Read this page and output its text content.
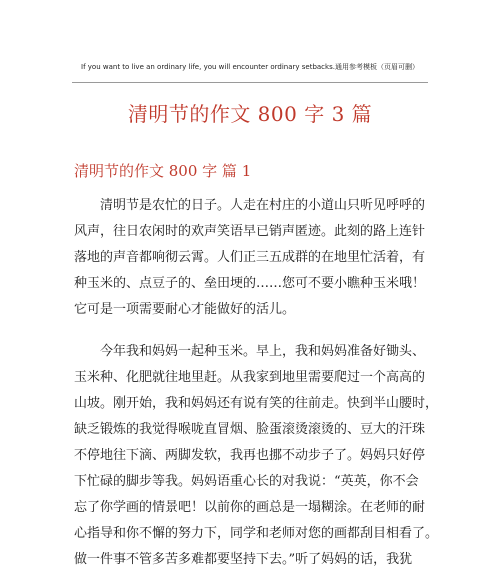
If you want to live an ordinary life, you will encounter ordinary setbacks.通用参考模板（页眉可删）
清明节的作文 800 字 3 篇
清明节的作文 800 字 篇 1
　　清明节是农忙的日子。人走在村庄的小道山只听见呼呼的
风声，往日农闲时的欢声笑语早已销声匿迹。此刻的路上连针
落地的声音都响彻云霄。人们正三五成群的在地里忙活着，有
种玉米的、点豆子的、垒田埂的……您可不要小瞧种玉米哦！
它可是一项需要耐心才能做好的活儿。
　　今年我和妈妈一起种玉米。早上，我和妈妈准备好锄头、
玉米种、化肥就往地里赶。从我家到地里需要爬过一个高高的
山坡。刚开始，我和妈妈还有说有笑的往前走。快到半山腰时，
缺乏锻炼的我觉得喉咙直冒烟、脸蛋滚烫滚烫的、豆大的汗珠
不停地往下滴、两脚发软，我再也挪不动步子了。妈妈只好停
下忙碌的脚步等我。妈妈语重心长的对我说：“英英，你不会
忘了你学画的情景吧！以前你的画总是一塌糊涂。在老师的耐
心指导和你不懈的努力下，同学和老师对您的画都刮目相看了。
做一件事不管多苦多难都要坚持下去。”听了妈妈的话，我犹
